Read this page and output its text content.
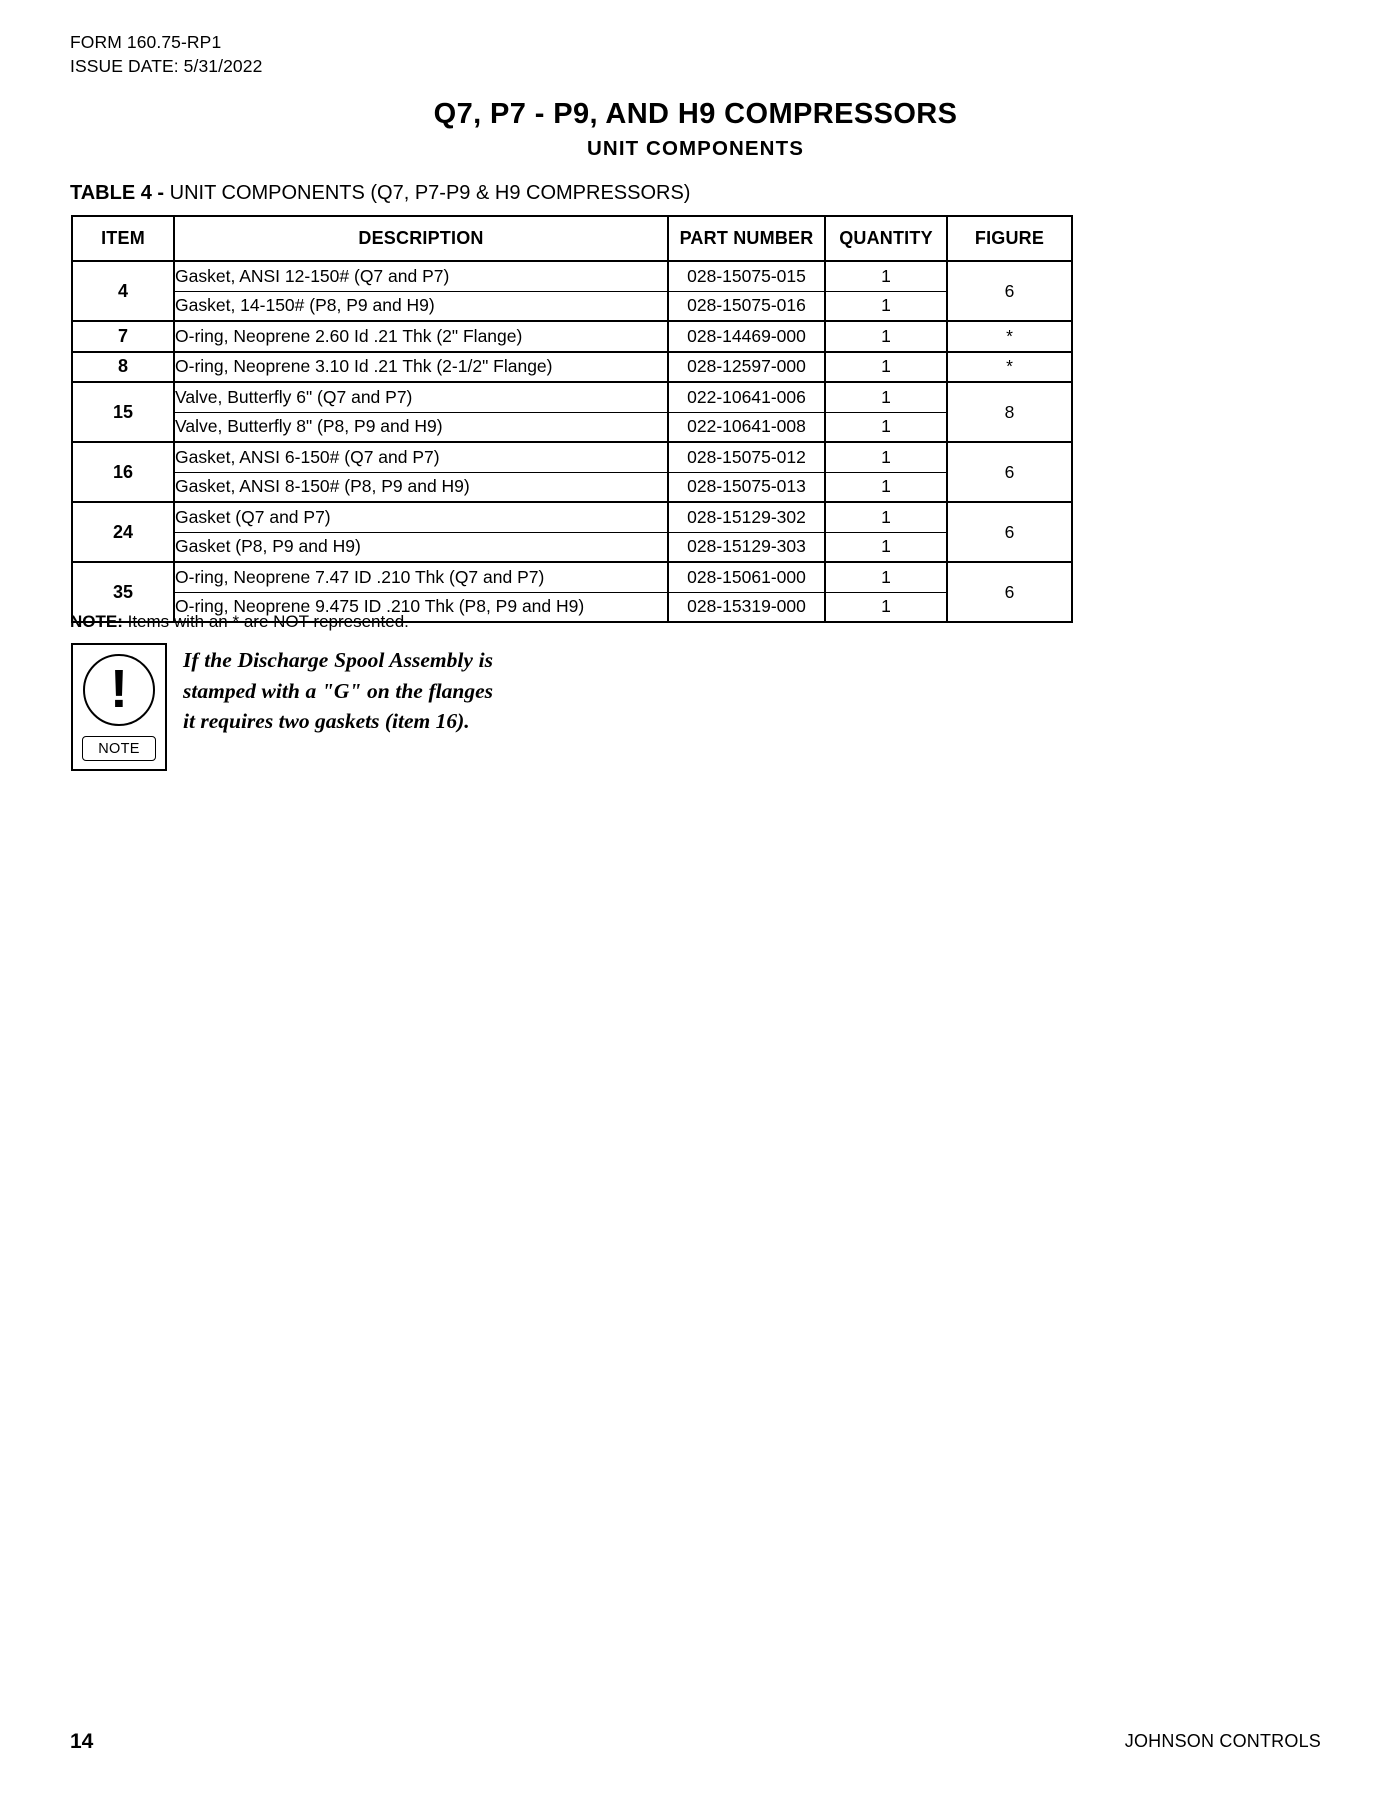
FORM 160.75-RP1
ISSUE DATE: 5/31/2022
Q7, P7 - P9, AND H9 COMPRESSORS
UNIT COMPONENTS
TABLE 4 - UNIT COMPONENTS (Q7, P7-P9 & H9 COMPRESSORS)
ITEM	DESCRIPTION	PART NUMBER	QUANTITY	FIGURE
4	Gasket, ANSI 12-150# (Q7 and P7)	028-15075-015	1	6
	Gasket, 14-150# (P8, P9 and H9)	028-15075-016	1	
7	O-ring, Neoprene 2.60 Id .21 Thk (2" Flange)	028-14469-000	1	*
8	O-ring, Neoprene 3.10 Id .21 Thk (2-1/2" Flange)	028-12597-000	1	*
15	Valve, Butterfly 6" (Q7 and P7)	022-10641-006	1	8
	Valve, Butterfly 8" (P8, P9 and H9)	022-10641-008	1	
16	Gasket, ANSI 6-150# (Q7 and P7)	028-15075-012	1	6
	Gasket, ANSI 8-150# (P8, P9 and H9)	028-15075-013	1	
24	Gasket (Q7 and P7)	028-15129-302	1	6
	Gasket (P8, P9 and H9)	028-15129-303	1	
35	O-ring, Neoprene 7.47 ID .210 Thk (Q7 and P7)	028-15061-000	1	6
	O-ring, Neoprene 9.475 ID .210 Thk (P8, P9 and H9)	028-15319-000	1	
NOTE: Items with an * are NOT represented.
!
NOTE
If the Discharge Spool Assembly is stamped with a "G" on the flanges it requires two gaskets (item 16).
14	JOHNSON CONTROLS
